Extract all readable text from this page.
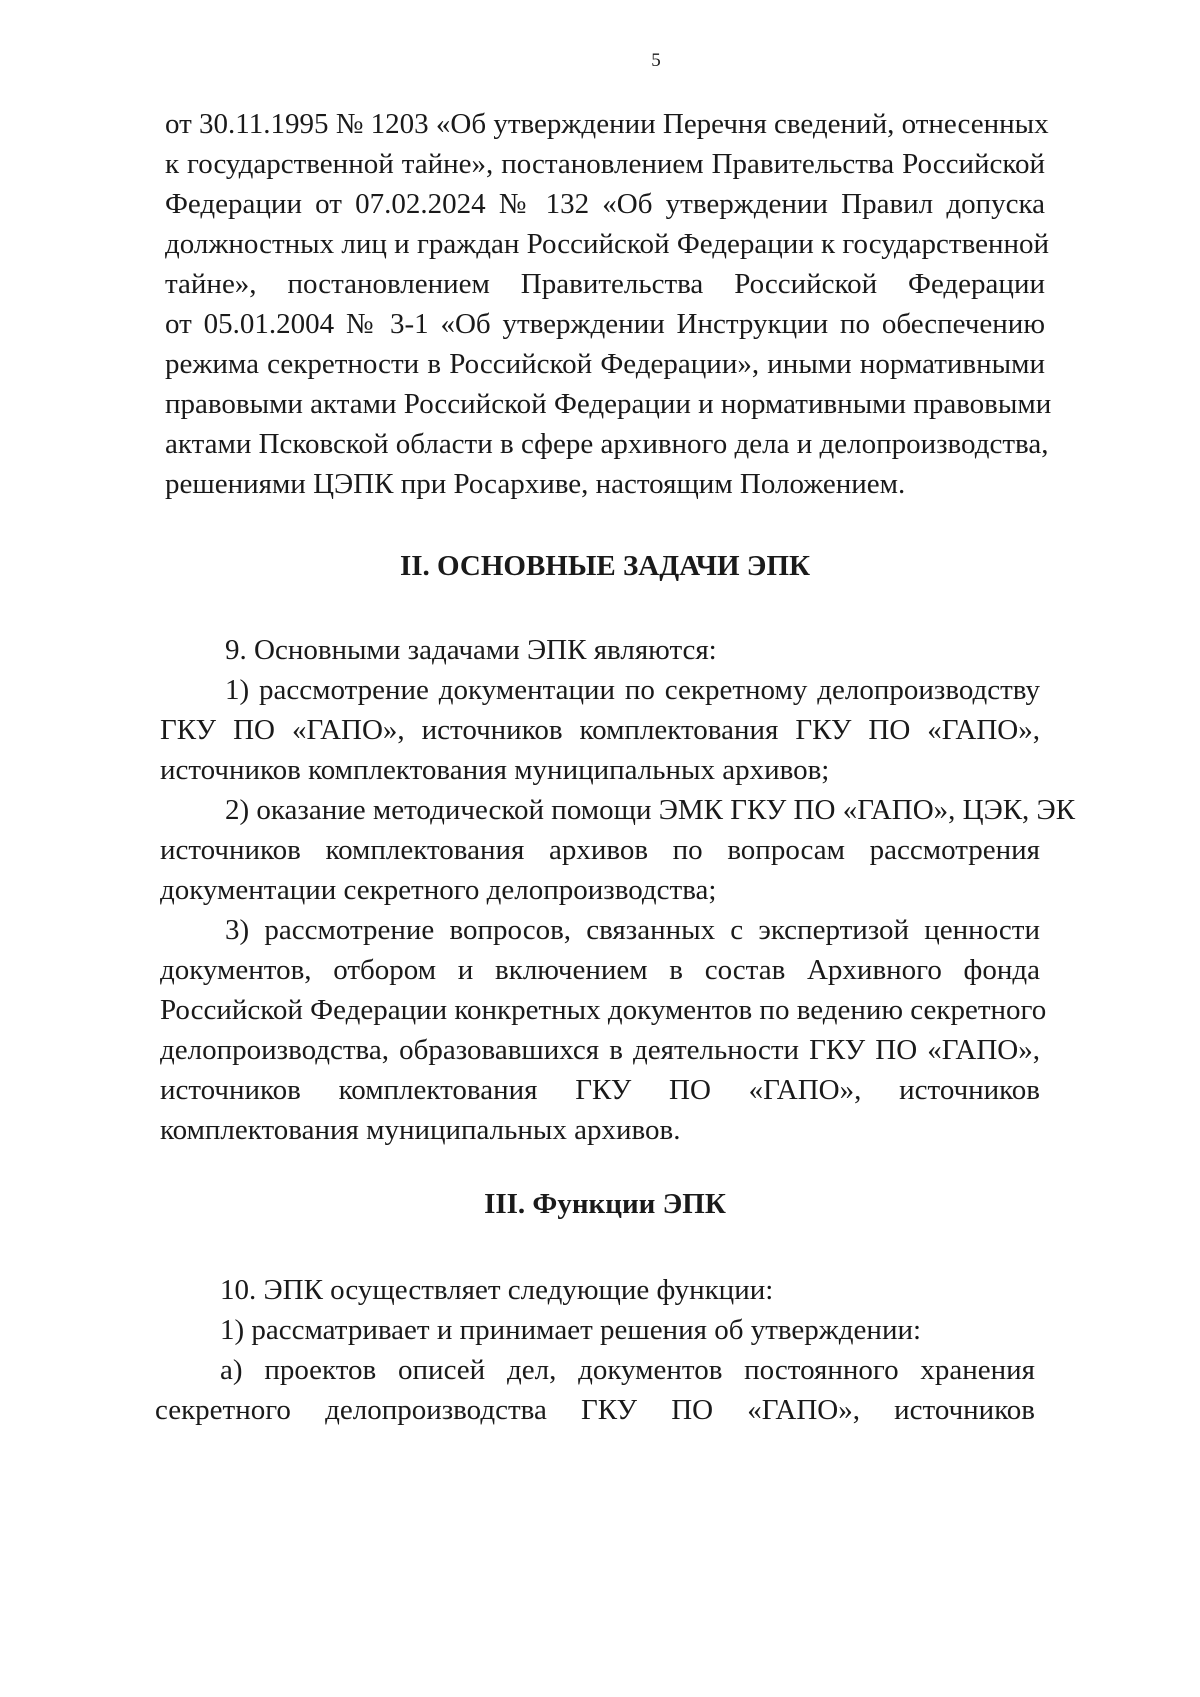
5

от 30.11.1995 № 1203 «Об утверждении Перечня сведений, отнесенных
к государственной тайне», постановлением Правительства Российской
Федерации от 07.02.2024 № 132 «Об утверждении Правил допуска
должностных лиц и граждан Российской Федерации к государственной
тайне», постановлением Правительства Российской Федерации
от 05.01.2004 № 3-1 «Об утверждении Инструкции по обеспечению
режима секретности в Российской Федерации», иными нормативными
правовыми актами Российской Федерации и нормативными правовыми
актами Псковской области в сфере архивного дела и делопроизводства,
решениями ЦЭПК при Росархиве, настоящим Положением.
II. ОСНОВНЫЕ ЗАДАЧИ ЭПК
9. Основными задачами ЭПК являются:
1) рассмотрение документации по секретному делопроизводству
ГКУ ПО «ГАПО», источников комплектования ГКУ ПО «ГАПО»,
источников комплектования муниципальных архивов;
2) оказание методической помощи ЭМК ГКУ ПО «ГАПО», ЦЭК, ЭК
источников комплектования архивов по вопросам рассмотрения
документации секретного делопроизводства;
3) рассмотрение вопросов, связанных с экспертизой ценности
документов, отбором и включением в состав Архивного фонда
Российской Федерации конкретных документов по ведению секретного
делопроизводства, образовавшихся в деятельности ГКУ ПО «ГАПО»,
источников комплектования ГКУ ПО «ГАПО», источников
комплектования муниципальных архивов.
III. Функции ЭПК
10. ЭПК осуществляет следующие функции:
1) рассматривает и принимает решения об утверждении:
а) проектов описей дел, документов постоянного хранения
секретного делопроизводства ГКУ ПО «ГАПО», источников
